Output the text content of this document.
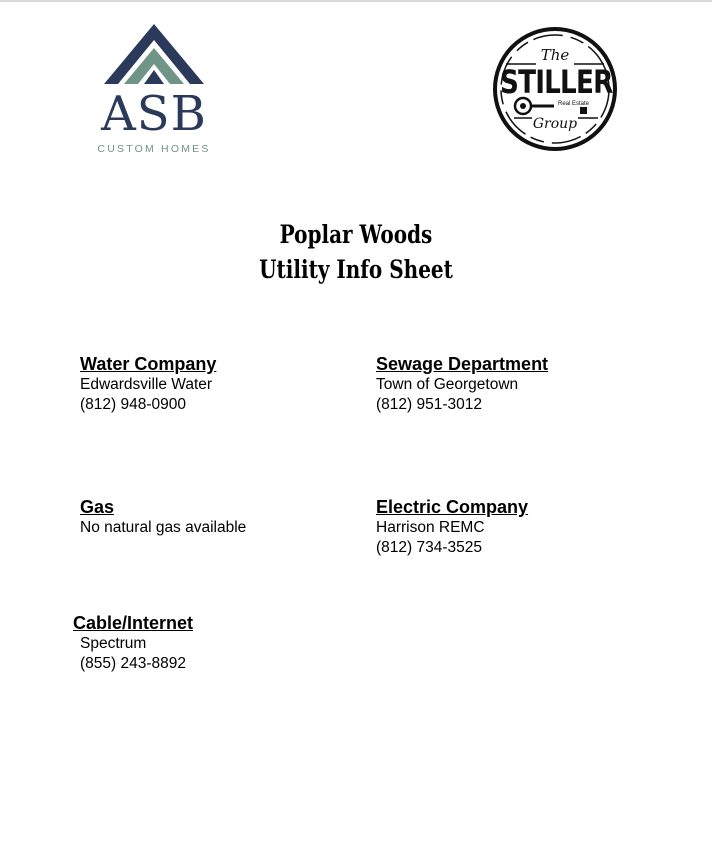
ASB
CUSTOM HOMES
The
STILLER
Real Estate
Group
Poplar Woods
Utility Info Sheet
Water Company
Edwardsville Water
(812) 948-0900
Sewage Department
Town of Georgetown
(812) 951-3012
Gas
No natural gas available
Electric Company
Harrison REMC
(812) 734-3525
Cable/Internet
Spectrum
(855) 243-8892
